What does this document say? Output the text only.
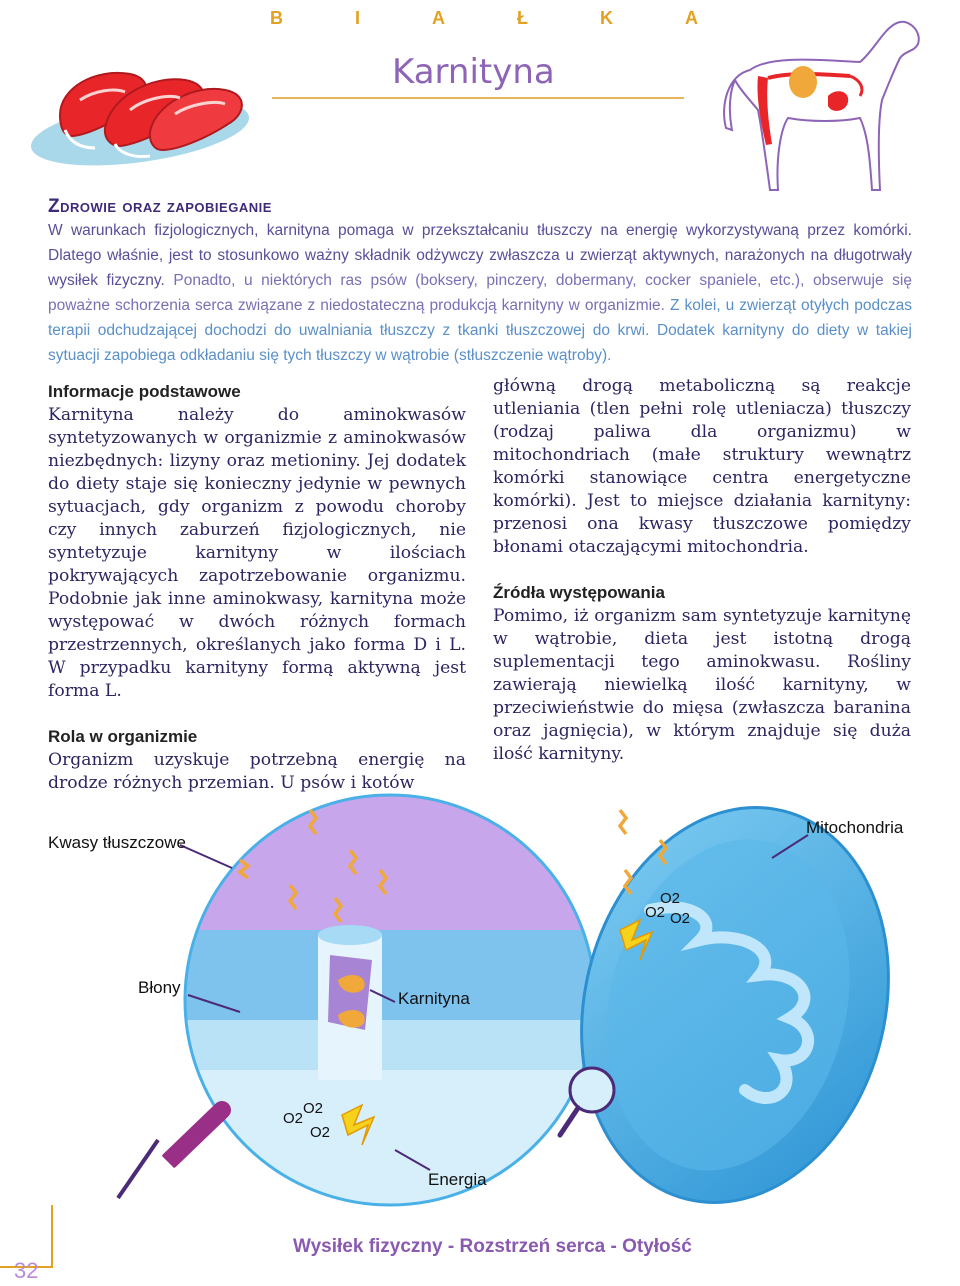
B	I	A	Ł	K	A
Karnityna
Zdrowie oraz zapobieganie
W warunkach fizjologicznych, karnityna pomaga w przekształcaniu tłuszczy na energię wykorzystywaną przez komórki. Dlatego właśnie, jest to stosunkowo ważny składnik odżywczy zwłaszcza u zwierząt aktywnych, narażonych na długotrwały wysiłek fizyczny. Ponadto, u niektórych ras psów (boksery, pinczery, dobermany, cocker spaniele, etc.), obserwuje się poważne schorzenia serca związane z niedostateczną produkcją karnityny w organizmie. Z kolei, u zwierząt otyłych podczas terapii odchudzającej dochodzi do uwalniania tłuszczy z tkanki tłuszczowej do krwi. Dodatek karnityny do diety w takiej sytuacji zapobiega odkładaniu się tych tłuszczy w wątrobie (stłuszczenie wątroby).
Informacje podstawowe

Karnityna należy do aminokwasów syntetyzowanych w organizmie z aminokwasów niezbędnych: lizyny oraz metioniny. Jej dodatek do diety staje się konieczny jedynie w pewnych sytuacjach, gdy organizm z powodu choroby czy innych zaburzeń fizjologicznych, nie syntetyzuje karnityny w ilościach pokrywających zapotrzebowanie organizmu. Podobnie jak inne aminokwasy, karnityna może występować w dwóch różnych formach przestrzennych, określanych jako forma D i L. W przypadku karnityny formą aktywną jest forma L.

Rola w organizmie

Organizm uzyskuje potrzebną energię na drodze różnych przemian. U psów i kotów

główną drogą metaboliczną są reakcje utleniania (tlen pełni rolę utleniacza) tłuszczy (rodzaj paliwa dla organizmu) w mitochondriach (małe struktury wewnątrz komórki stanowiące centra energetyczne komórki). Jest to miejsce działania karnityny: przenosi ona kwasy tłuszczowe pomiędzy błonami otaczającymi mitochondria.

Źródła występowania

Pomimo, iż organizm sam syntetyzuje karnitynę w wątrobie, dieta jest istotną drogą suplementacji tego aminokwasu. Rośliny zawierają niewielką ilość karnityny, w przeciwieństwie do mięsa (zwłaszcza baranina oraz jagnięcia), w którym znajduje się duża ilość karnityny.

Kwasy tłuszczowe
Błony
Karnityna
Energia
Mitochondria
O2
O2 O2
O2
O2
O2
32
Wysiłek fizyczny - Rozstrzeń serca - Otyłość
